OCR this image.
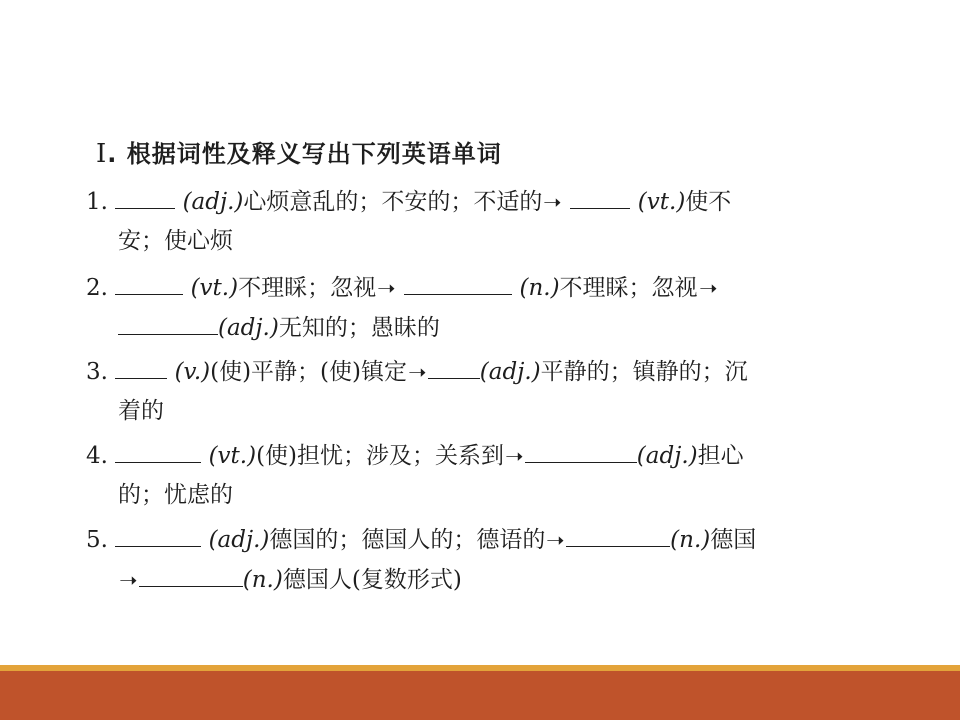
Ⅰ. 根据词性及释义写出下列英语单词
1.	(adj.)心烦意乱的；不安的；不适的➝	(vt.)使不
安；使心烦
2.	(vt.)不理睬；忽视➝	(n.)不理睬；忽视➝
(adj.)无知的；愚昧的
3.	(v.)(使)平静；(使)镇定➝ (adj.)平静的；镇静的；沉
着的
4.	(vt.)(使)担忧；涉及；关系到➝	(adj.)担心
的；忧虑的
5.	(adj.)德国的；德国人的；德语的➝	(n.)德国
➝	(n.)德国人(复数形式)
